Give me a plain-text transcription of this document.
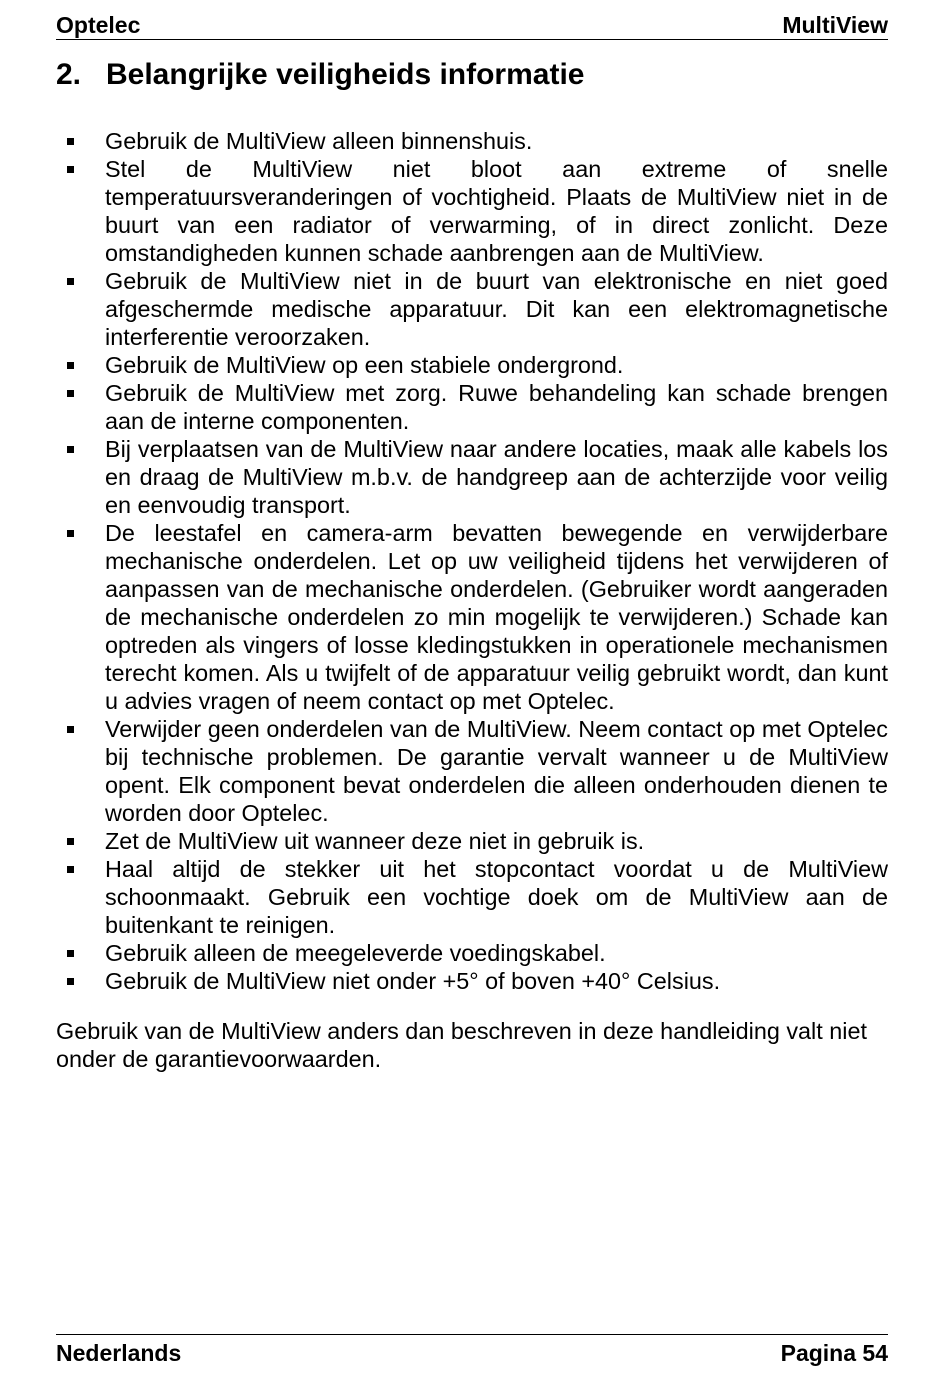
Optelec	MultiView
2. Belangrijke veiligheids informatie
Gebruik de MultiView alleen binnenshuis.
Stel de MultiView niet bloot aan extreme of snelle temperatuursveranderingen of vochtigheid. Plaats de MultiView niet in de buurt van een radiator of verwarming, of in direct zonlicht. Deze omstandigheden kunnen schade aanbrengen aan de MultiView.
Gebruik de MultiView niet in de buurt van elektronische en niet goed afgeschermde medische apparatuur. Dit kan een elektromagnetische interferentie veroorzaken.
Gebruik de MultiView op een stabiele ondergrond.
Gebruik de MultiView met zorg. Ruwe behandeling kan schade brengen aan de interne componenten.
Bij verplaatsen van de MultiView naar andere locaties, maak alle kabels los en draag de MultiView m.b.v. de handgreep aan de achterzijde voor veilig en eenvoudig transport.
De leestafel en camera-arm bevatten bewegende en verwijderbare mechanische onderdelen. Let op uw veiligheid tijdens het verwijderen of aanpassen van de mechanische onderdelen. (Gebruiker wordt aangeraden de mechanische onderdelen zo min mogelijk te verwijderen.) Schade kan optreden als vingers of losse kledingstukken in operationele mechanismen terecht komen. Als u twijfelt of de apparatuur veilig gebruikt wordt, dan kunt u advies vragen of neem contact op met Optelec.
Verwijder geen onderdelen van de MultiView. Neem contact op met Optelec bij technische problemen. De garantie vervalt wanneer u de MultiView opent. Elk component bevat onderdelen die alleen onderhouden dienen te worden door Optelec.
Zet de MultiView uit wanneer deze niet in gebruik is.
Haal altijd de stekker uit het stopcontact voordat u de MultiView schoonmaakt. Gebruik een vochtige doek om de MultiView aan de buitenkant te reinigen.
Gebruik alleen de meegeleverde voedingskabel.
Gebruik de MultiView niet onder +5° of boven +40° Celsius.

Gebruik van de MultiView anders dan beschreven in deze handleiding valt niet onder de garantievoorwaarden.

Nederlands	Pagina 54
